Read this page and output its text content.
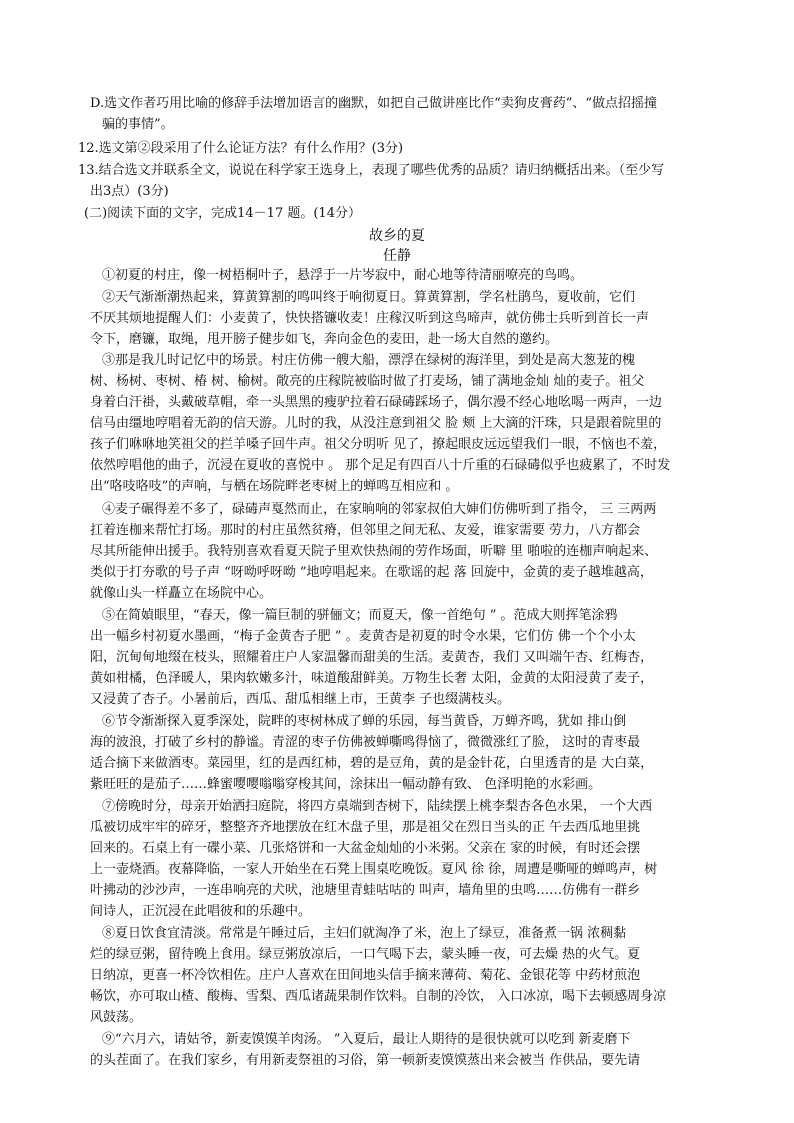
D.选文作者巧用比喻的修辞手法增加语言的幽默，如把自己做讲座比作“卖狗皮膏药”、“做点招摇撞

骗的事情”。

12.选文第②段采用了什么论证方法？有什么作用？(3分)

13.结合选文并联系全文，说说在科学家王选身上，表现了哪些优秀的品质？请归纳概括出来。（至少写

出3点）(3分)

(二)阅读下面的文字，完成14－17 题。(14分）

故乡的夏

任静

①初夏的村庄，像一树梧桐叶子，悬浮于一片岑寂中，耐心地等待清丽嘹亮的鸟鸣。

②天气渐渐潮热起来，算黄算割的鸣叫终于响彻夏日。算黄算割，学名杜鹃鸟，夏收前，它们

不厌其烦地提醒人们：小麦黄了，快快搭镰收麦！庄稼汉听到这鸟啼声，就仿佛士兵听到首长一声

令下，磨镰，取绳，甩开膀子健步如飞，奔向金色的麦田，赴一场大自然的邀约。

③那是我儿时记忆中的场景。村庄仿佛一艘大船，漂浮在绿树的海洋里，到处是高大葱茏的槐

树、杨树、枣树、椿 树、榆树。敞亮的庄稼院被临时做了打麦场，铺了满地金灿 灿的麦子。祖父

身着白汗褂，头戴破草帽，牵一头黑黑的瘦驴拉着石碌碡踩场子，偶尔漫不经心地吆喝一两声，一边

信马由缰地哼唱着无韵的信天游。儿时的我，从没注意到祖父 脸 颊 上大滴的汗珠，只是跟着院里的

孩子们咻咻地笑祖父的拦羊嗓子回牛声。祖父分明听 见了，撩起眼皮远远望我们一眼，不恼也不羞，

依然哼唱他的曲子，沉浸在夏收的喜悦中 。 那个足足有四百八十斤重的石碌碡似乎也疲累了，不时发

出“咯吱咯吱”的声响，与栖在场院畔老枣树上的蝉鸣互相应和 。

④麦子碾得差不多了，碌碡声戛然而止，在家晌响的邻家叔伯大婶们仿佛听到了指令， 三 三两两

扛着连枷来帮忙打场。那时的村庄虽然贫瘠，但邻里之间无私、友爱，谁家需要 劳力，八方都会

尽其所能伸出援手。我特别喜欢看夏天院子里欢快热闹的劳作场面，听噼 里 啪啦的连枷声响起来、

类似于打夯歌的号子声 “呀呦呼呀呦 ”地哼唱起来。在歌谣的起 落 回旋中，金黄的麦子越堆越高，

就像山头一样矗立在场院中心。

⑤在简媜眼里，“春天，像一篇巨制的骈俪文；而夏天，像一首绝句 ” 。范成大则挥笔涂鸦

出一幅乡村初夏水墨画，“梅子金黄杏子肥 ” 。麦黄杏是初夏的时令水果，它们仿 佛一个个小太

阳，沉甸甸地缀在枝头，照耀着庄户人家温馨而甜美的生活。麦黄杏，我们 又叫端午杏、红梅杏，

黄如柑橘，色泽暖人，果肉软嫩多汁，味道酸甜鲜美。万物生长奢 太阳，金黄的太阳浸黄了麦子，

又浸黄了杏子。小暑前后，西瓜、甜瓜相继上市，王黄李 子也缀满枝头。

⑥节令渐渐探入夏季深处，院畔的枣树林成了蝉的乐园，每当黄昏，万蝉齐鸣，犹如 排山倒

海的波浪，打破了乡村的静谧。青涩的枣子仿佛被蝉嘶鸣得恼了，微微涨红了脸， 这时的青枣最

适合摘下来做酒枣。菜园里，红的是西红柿，碧的是豆角，黄的是金针花，白里透青的是 大白菜，

紫旺旺的是茄子……蜂蜜嘤嘤嗡嗡穿梭其间，涂抹出一幅动静有致、 色泽明艳的水彩画。

⑦傍晚时分，母亲开始洒扫庭院，将四方桌端到杏树下，陆续摆上桃李梨杏各色水果， 一个大西

瓜被切成牢牢的碎牙，整整齐齐地摆放在红木盘子里，那是祖父在烈日当头的正 午去西瓜地里挑

回来的。石桌上有一碟小菜、几张烙饼和一大盆金灿灿的小米粥。父亲在 家的时候，有时还会摆

上一壶烧酒。夜幕降临，一家人开始坐在石凳上围桌吃晚饭。夏风 徐 徐，周遭是嘶哑的蝉鸣声，树

叶拂动的沙沙声，一连串响亮的犬吠，池塘里青蛙咕咕的 叫声，墙角里的虫鸣……仿佛有一群乡

间诗人，正沉浸在此唱彼和的乐趣中。

⑧夏日饮食宜清淡。常常是午睡过后，主妇们就淘净了米，泡上了绿豆，准备煮一锅 浓稠黏

烂的绿豆粥，留待晚上食用。绿豆粥放凉后，一口气喝下去，蒙头睡一夜，可去燥 热的火气。夏

日纳凉，更喜一杯冷饮相佐。庄户人喜欢在田间地头信手摘来薄荷、菊花、金银花等 中药材煎泡

畅饮，亦可取山楂、酸梅、雪梨、西瓜诸蔬果制作饮料。自制的冷饮， 入口冰凉，喝下去顿感周身凉

风鼓荡。

⑨“六月六，请姑爷，新麦馍馍羊肉汤。 ”入夏后，最让人期待的是很快就可以吃到 新麦磨下

的头茬面了。在我们家乡，有用新麦祭祖的习俗，第一顿新麦馍馍蒸出来会被当 作供品，要先请
